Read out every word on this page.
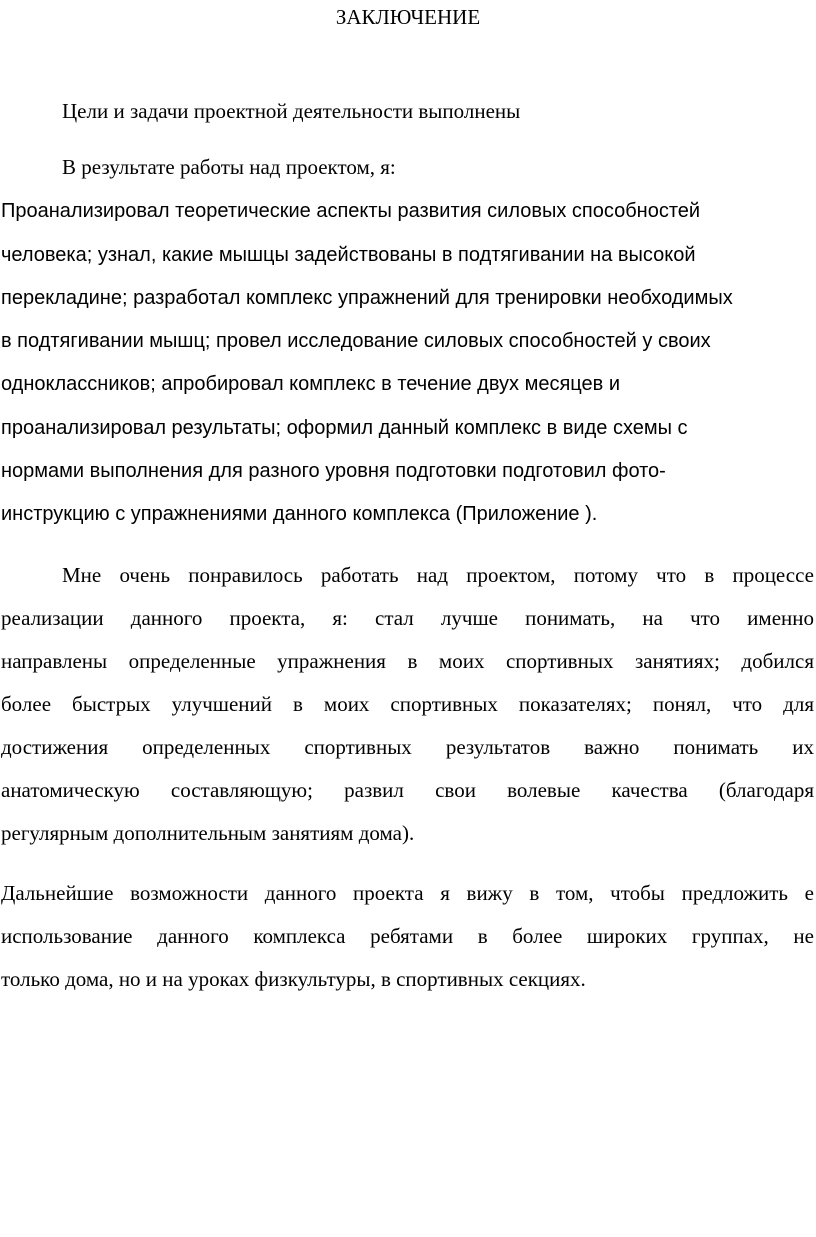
ЗАКЛЮЧЕНИЕ

Цели и задачи проектной деятельности выполнены

В результате работы над проектом, я:

Проанализировал теоретические аспекты развития силовых способностей

человека; узнал, какие мышцы задействованы в подтягивании на высокой

перекладине; разработал комплекс упражнений для тренировки необходимых

в подтягивании мышц; провел исследование силовых способностей у своих

одноклассников; апробировал комплекс в течение двух месяцев и

проанализировал результаты; оформил данный комплекс в виде схемы с

нормами выполнения для разного уровня подготовки подготовил фото-

инструкцию с упражнениями данного комплекса (Приложение ).

Мне очень понравилось работать над проектом, потому что в процессе

реализации данного проекта, я: стал лучше понимать, на что именно

направлены определенные упражнения в моих спортивных занятиях; добился

более быстрых улучшений в моих спортивных показателях; понял, что для

достижения определенных спортивных результатов важно понимать их

анатомическую составляющую; развил свои волевые качества (благодаря

регулярным дополнительным занятиям дома).

Дальнейшие возможности данного проекта я вижу в том, чтобы предложить е

использование данного комплекса ребятами в более широких группах, не

только дома, но и на уроках физкультуры, в спортивных секциях.
